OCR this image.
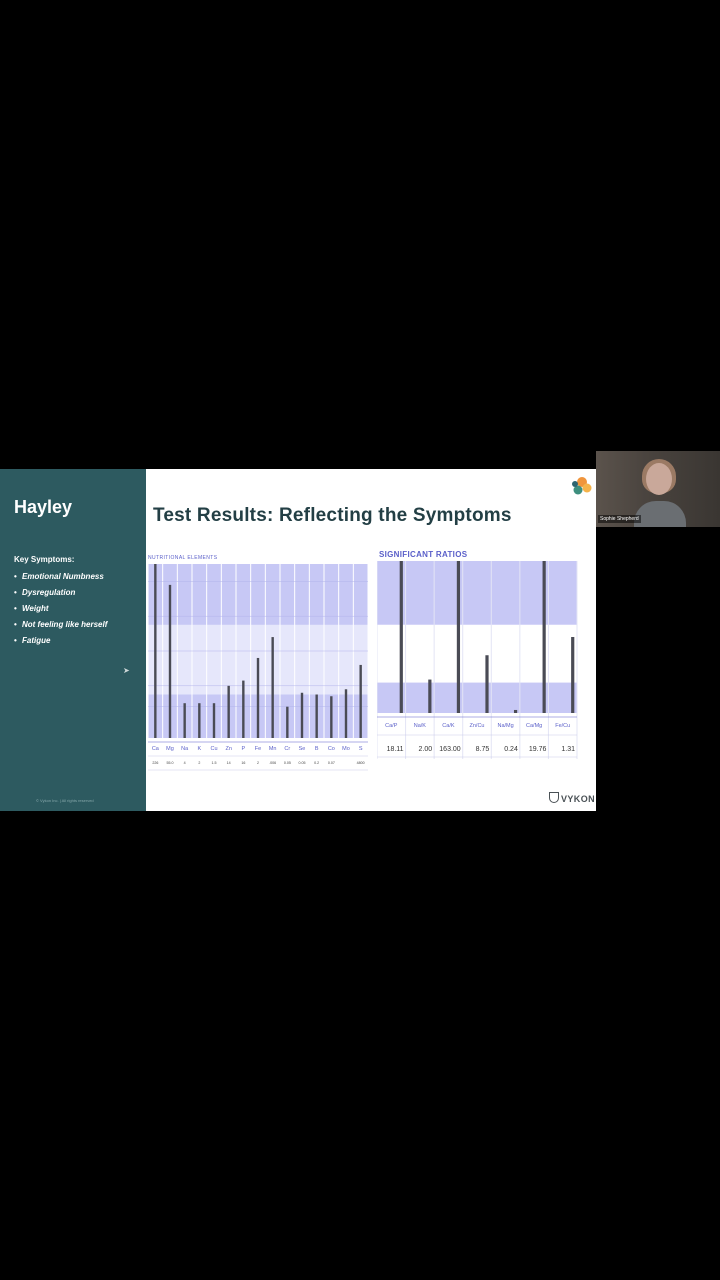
Hayley
Key Symptoms:
• Emotional Numbness
• Dysregulation
• Weight
• Not feeling like herself
• Fatigue
© Vykon Inc. | All rights reserved
Test Results: Reflecting the Symptoms
NUTRITIONAL ELEMENTS
Ca
226
Mg
55.0
Na
4
K
2
Cu
1.5
Zn
14
P
16
Fe
2
Mn
.006
Cr
0.05
Se
0.05
B
0.2
Co
0.07
Mo S
4800
SIGNIFICANT RATIOS
Ca/P
18.11
Na/K
2.00
Ca/K
163.00
Zn/Cu
8.75
Na/Mg
0.24
Ca/Mg
19.76
Fe/Cu
1.31
VYKON
Sophie Shepherd
➤
